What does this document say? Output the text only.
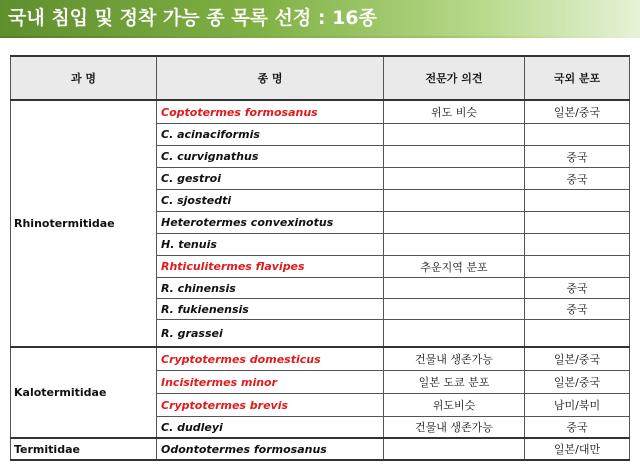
국내 침입 및 정착 가능 종 목록 선정 : 16종
과 명	종 명	전문가 의견	국외 분포
Rhinotermitidae	Coptotermes formosanus	위도 비슷	일본/중국
	C. acinaciformis		
	C. curvignathus		중국
	C. gestroi		중국
	C. sjostedti		
	Heterotermes convexinotus		
	H. tenuis		
	Rhticulitermes flavipes	추운지역 분포	
	R. chinensis		중국
	R. fukienensis		중국
	R. grassei		
Kalotermitidae	Cryptotermes domesticus	건물내 생존가능	일본/중국
	Incisitermes minor	일본 도쿄 분포	일본/중국
	Cryptotermes brevis	위도비슷	남미/북미
	C. dudleyi	건물내 생존가능	중국
Termitidae	Odontotermes formosanus		일본/대만
